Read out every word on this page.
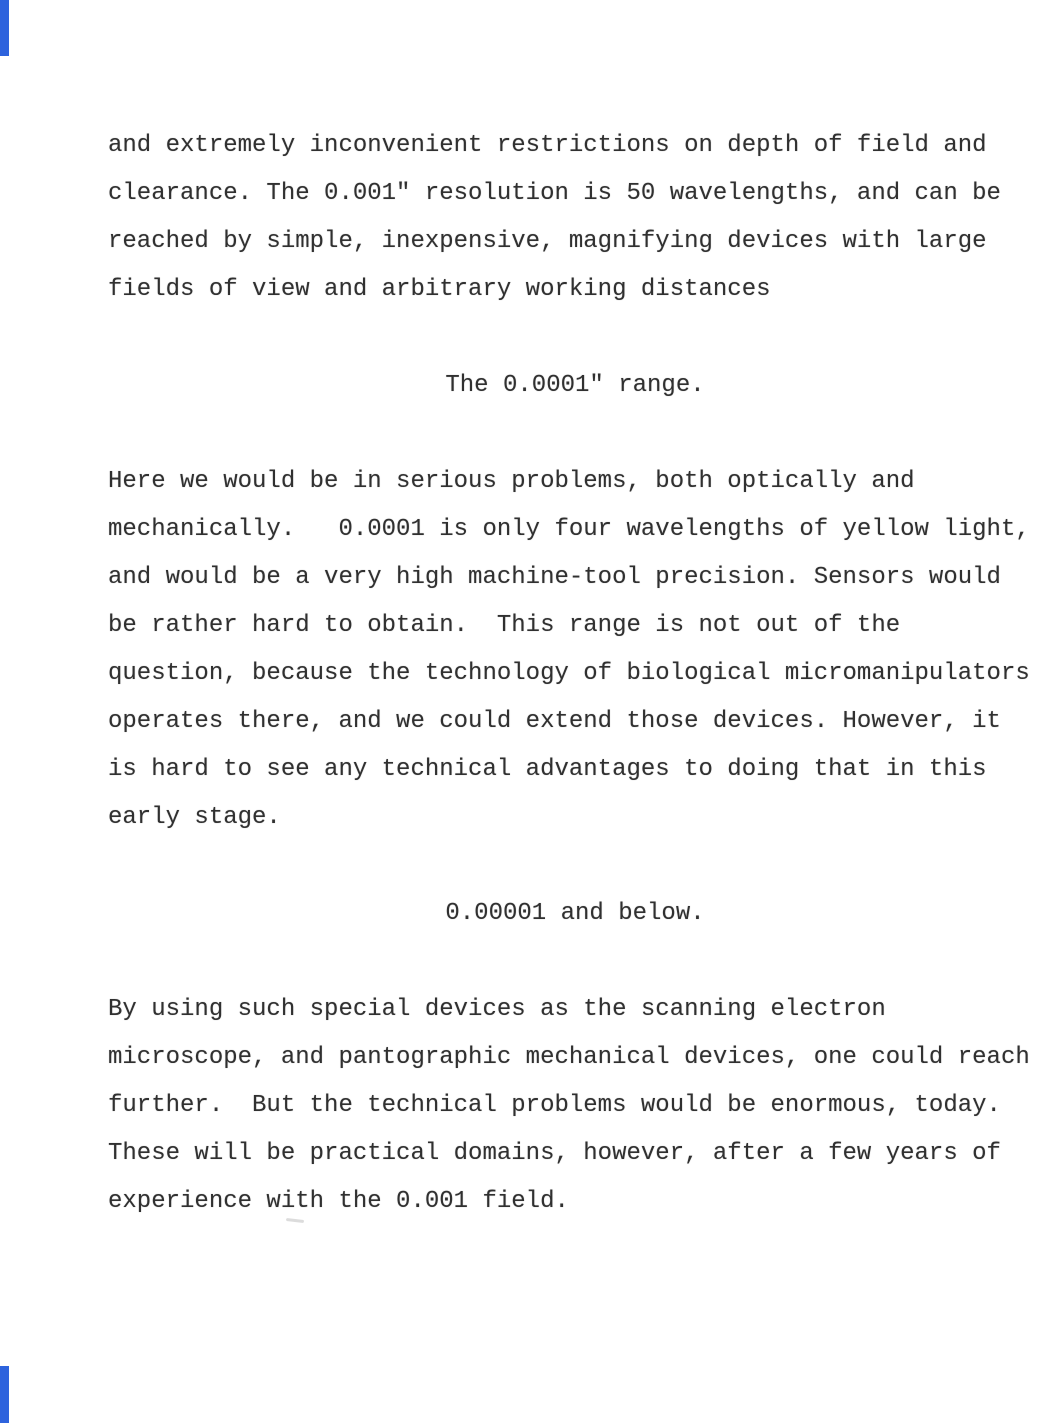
and extremely inconvenient restrictions on depth of field and
clearance. The 0.001" resolution is 50 wavelengths, and can be
reached by simple, inexpensive, magnifying devices with large
fields of view and arbitrary working distances
The 0.0001" range.
Here we would be in serious problems, both optically and
mechanically.   0.0001 is only four wavelengths of yellow light,
and would be a very high machine-tool precision. Sensors would
be rather hard to obtain.  This range is not out of the
question, because the technology of biological micromanipulators
operates there, and we could extend those devices. However, it
is hard to see any technical advantages to doing that in this
early stage.
0.00001 and below.
By using such special devices as the scanning electron
microscope, and pantographic mechanical devices, one could reach
further.  But the technical problems would be enormous, today.
These will be practical domains, however, after a few years of
experience with the 0.001 field.
